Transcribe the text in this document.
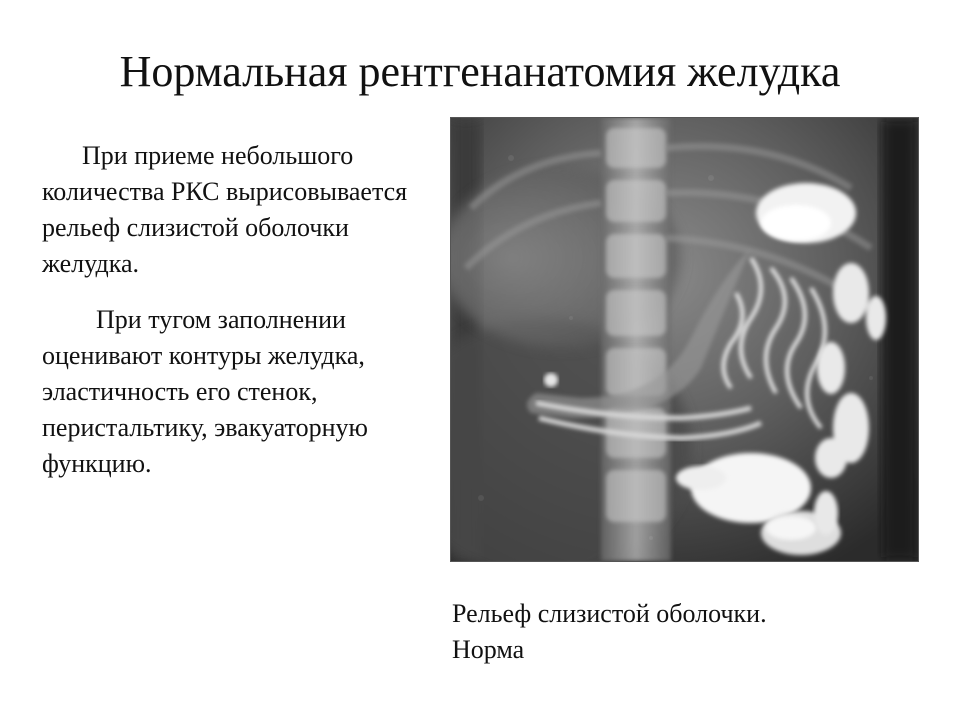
Нормальная рентгенанатомия желудка

При приеме небольшого количества РКС вырисовывается рельеф слизистой оболочки желудка.

При тугом заполнении оценивают контуры желудка, эластичность его стенок, перистальтику, эвакуаторную функцию.

Рельеф слизистой оболочки.
Норма
